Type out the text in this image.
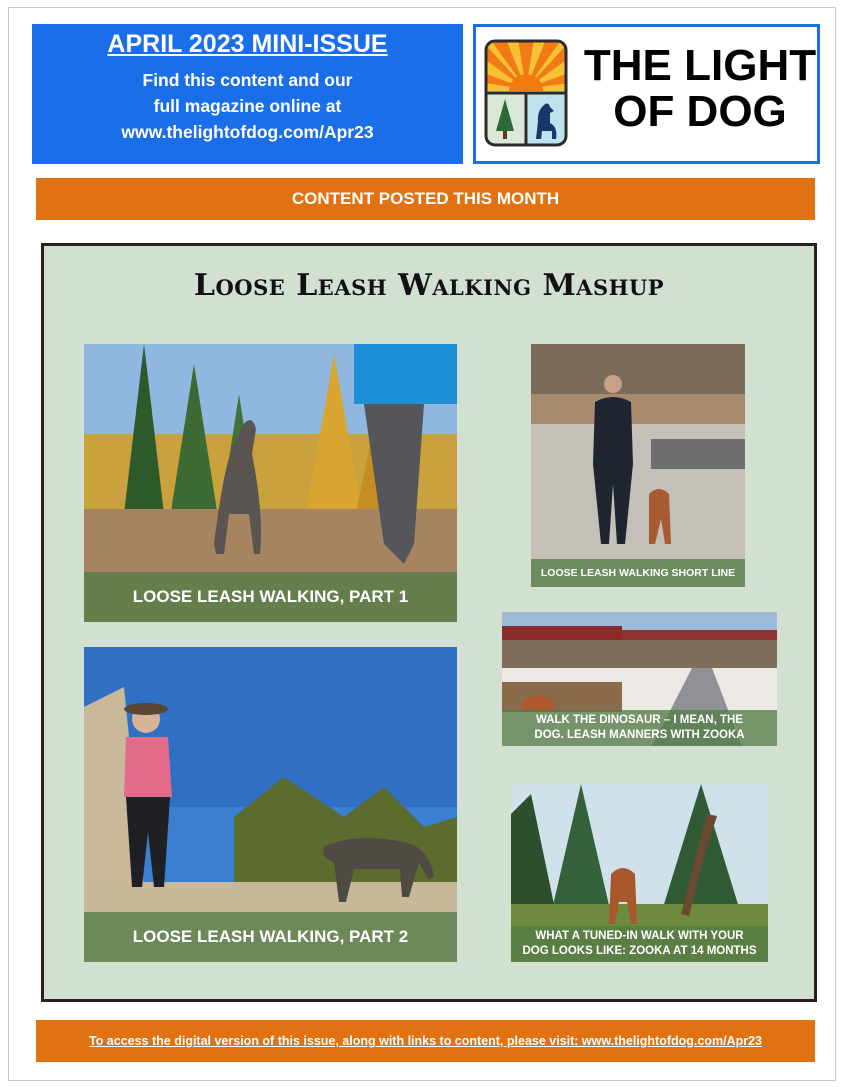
APRIL 2023 MINI-ISSUE
Find this content and our
full magazine online at
www.thelightofdog.com/Apr23
THE LIGHT
OF DOG
CONTENT POSTED THIS MONTH
Loose Leash Walking Mashup
LOOSE LEASH WALKING, PART 1
LOOSE LEASH WALKING SHORT LINE
WALK THE DINOSAUR – I MEAN, THE
DOG. LEASH MANNERS WITH ZOOKA
LOOSE LEASH WALKING, PART 2	WHAT A TUNED-IN WALK WITH YOUR
DOG LOOKS LIKE: ZOOKA AT 14 MONTHS
To access the digital version of this issue, along with links to content, please visit: www.thelightofdog.com/Apr23
